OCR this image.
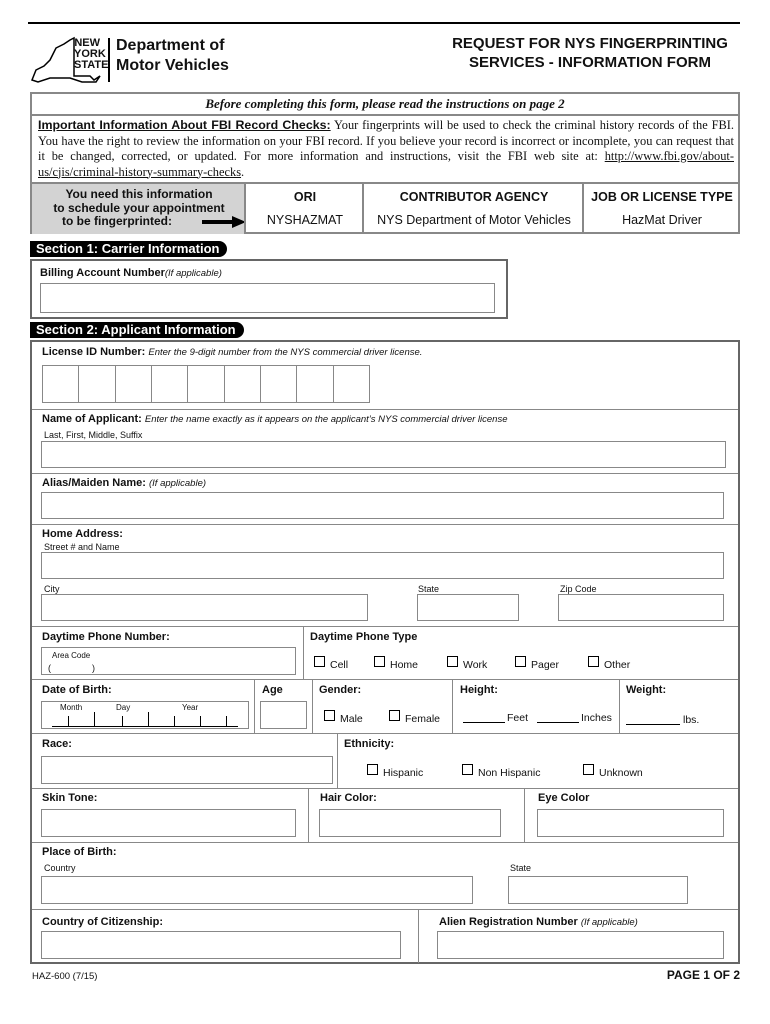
NEW
YORK
STATE
Department of
Motor Vehicles
REQUEST FOR NYS FINGERPRINTING
SERVICES - INFORMATION FORM
Before completing this form, please read the instructions on page 2
Important Information About FBI Record Checks: Your fingerprints will be used to check the criminal history records of the FBI. You have the right to review the information on your FBI record. If you believe your record is incorrect or incomplete, you can request that it be changed, corrected, or updated. For more information and instructions, visit the FBI web site at: http://www.fbi.gov/about-us/cjis/criminal-history-summary-checks.
You need this information
to schedule your appointment
to be fingerprinted:
ORI
NYSHAZMAT
CONTRIBUTOR AGENCY
NYS Department of Motor Vehicles
JOB OR LICENSE TYPE
HazMat Driver
Section 1: Carrier Information
Billing Account Number(If applicable)
Section 2: Applicant Information
License ID Number: Enter the 9-digit number from the NYS commercial driver license.
Name of Applicant: Enter the name exactly as it appears on the applicant’s NYS commercial driver license
Last, First, Middle, Suffix
Alias/Maiden Name: (If applicable)
Home Address:
Street # and Name
City	State	Zip Code
Daytime Phone Number:
Area Code
(	)
Daytime Phone Type
Cell	Home	Work	Pager	Other
Date of Birth:
Month	Day	Year
Age	Gender:
Male	Female
Height:
Feet	Inches
Weight:
lbs.
Race:	Ethnicity:
Hispanic	Non Hispanic	Unknown
Skin Tone:	Hair Color:	Eye Color
Place of Birth:
Country	State
Country of Citizenship:	Alien Registration Number (If applicable)
HAZ-600 (7/15)	PAGE 1 OF 2
